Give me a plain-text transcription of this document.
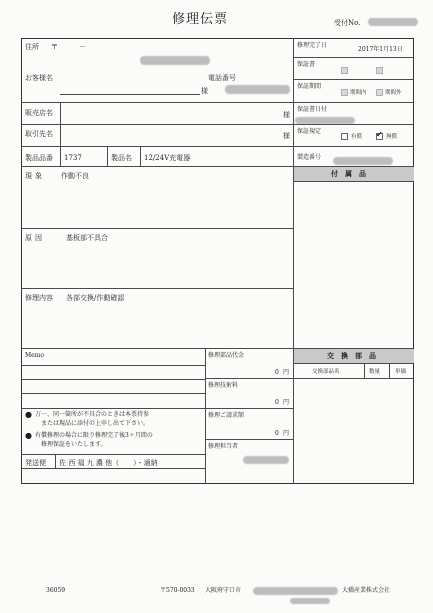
修理伝票	受付No.
住所 〒	－
お客様名	電話番号
様
販売店名	様
取引先名	様
製品品番 1737	製品名 12/24V充電器
現象 作動不良
原因	基板部不具合
修理内容 各部交換/作動確認
Memo
● 万一、同一箇所が不具合のときは本票持参
または現品に添付の上申し出て下さい。
● 有償修理の場合に限り修理完了後3ヶ月間の
修理保証をいたします。
発送便 佐 西 福 九 濃 他（　　）・通納
修理部品代金
0 円
修理技術料
0 円
修理ご請求額
0 円
修理担当者
修理完了日
2017年1月13日
保証書
保証期間
期間内	期間外
保証書日付
保証規定
有償 ✔ 無償
製造番号
付　属　品
交　換　部　品
交換部品名	数量	単価
36059	〒570-0033 大阪府守口市	大橋産業株式会社
